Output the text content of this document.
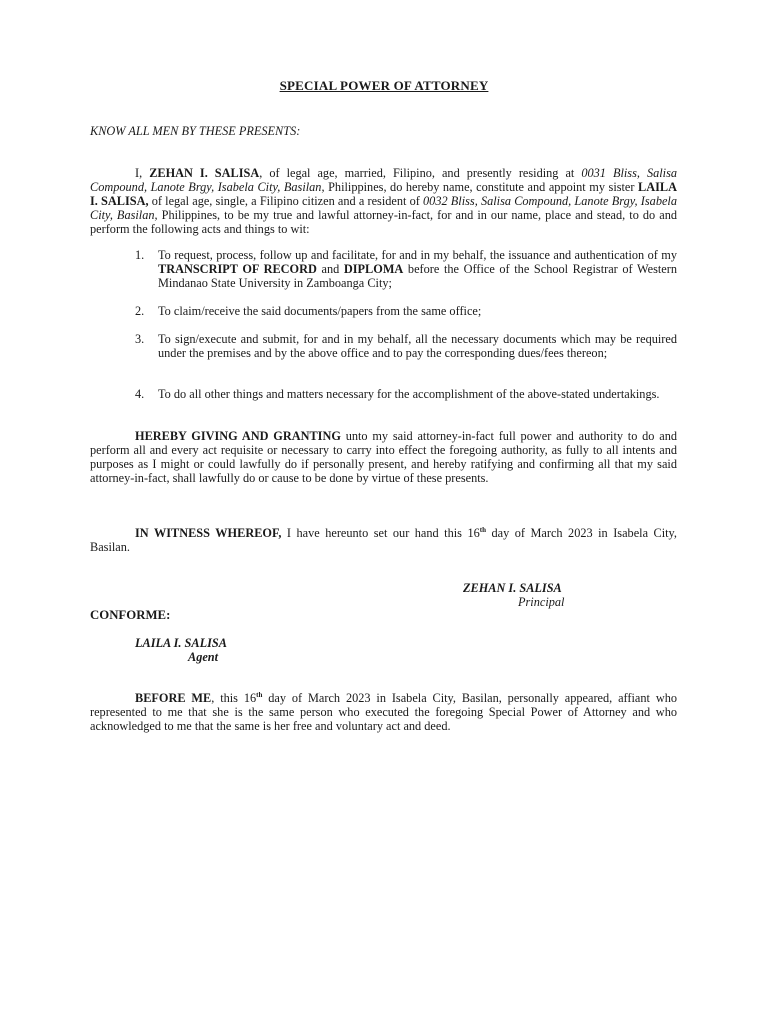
SPECIAL POWER OF ATTORNEY
KNOW ALL MEN BY THESE PRESENTS:
I, ZEHAN I. SALISA, of legal age, married, Filipino, and presently residing at 0031 Bliss, Salisa Compound, Lanote Brgy, Isabela City, Basilan, Philippines, do hereby name, constitute and appoint my sister LAILA I. SALISA, of legal age, single, a Filipino citizen and a resident of 0032 Bliss, Salisa Compound, Lanote Brgy, Isabela City, Basilan, Philippines, to be my true and lawful attorney-in-fact, for and in our name, place and stead, to do and perform the following acts and things to wit:
1. To request, process, follow up and facilitate, for and in my behalf, the issuance and authentication of my TRANSCRIPT OF RECORD and DIPLOMA before the Office of the School Registrar of Western Mindanao State University in Zamboanga City;
2. To claim/receive the said documents/papers from the same office;
3. To sign/execute and submit, for and in my behalf, all the necessary documents which may be required under the premises and by the above office and to pay the corresponding dues/fees thereon;
4. To do all other things and matters necessary for the accomplishment of the above-stated undertakings.
HEREBY GIVING AND GRANTING unto my said attorney-in-fact full power and authority to do and perform all and every act requisite or necessary to carry into effect the foregoing authority, as fully to all intents and purposes as I might or could lawfully do if personally present, and hereby ratifying and confirming all that my said attorney-in-fact, shall lawfully do or cause to be done by virtue of these presents.
IN WITNESS WHEREOF, I have hereunto set our hand this 16th day of March 2023 in Isabela City, Basilan.
ZEHAN I. SALISA
Principal
CONFORME:
LAILA I. SALISA
Agent
BEFORE ME, this 16th day of March 2023 in Isabela City, Basilan, personally appeared, affiant who represented to me that she is the same person who executed the foregoing Special Power of Attorney and who acknowledged to me that the same is her free and voluntary act and deed.
